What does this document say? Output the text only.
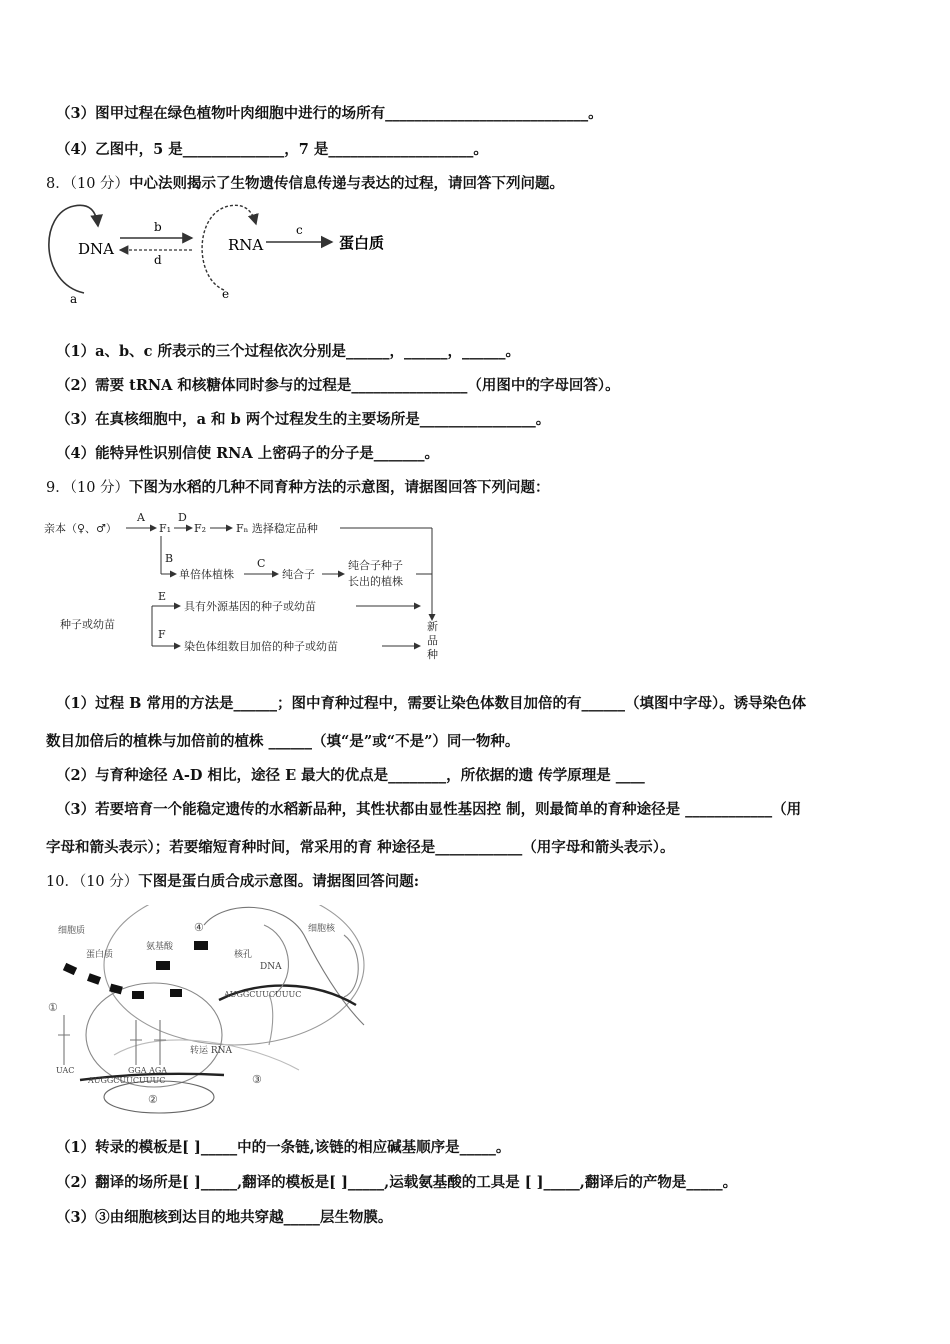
（3）图甲过程在绿色植物叶肉细胞中进行的场所有____________________________。
（4）乙图中，5 是______________，7 是____________________。
8．（10 分）中心法则揭示了生物遗传信息传递与表达的过程，请回答下列问题。
DNA
a
b
d
RNA
e
c
蛋白质
（1）a、b、c 所表示的三个过程依次分别是______，______，______。
（2）需要 tRNA 和核糖体同时参与的过程是________________（用图中的字母回答）。
（3）在真核细胞中，a 和 b 两个过程发生的主要场所是________________。
（4）能特异性识别信使 RNA 上密码子的分子是_______。
9．（10 分）下图为水稻的几种不同育种方法的示意图，请据图回答下列问题：
亲本（♀、♂）
A
F₁
D
F₂	Fₙ 选择稳定品种
B
单倍体植株
C
纯合子
纯合子种子
长出的植株
种子或幼苗
E
具有外源基因的种子或幼苗
F
染色体组数目加倍的种子或幼苗
新
品
种
（1）过程 B 常用的方法是______；图中育种过程中，需要让染色体数目加倍的有______（填图中字母）。诱导染色体
数目加倍后的植株与加倍前的植株 ______（填“是”或“不是”）同一物种。
（2）与育种途径 A-D 相比，途径 E 最大的优点是________，所依据的遗 传学原理是 ____
（3）若要培育一个能稳定遗传的水稻新品种，其性状都由显性基因控 制，则最简单的育种途径是 ____________（用
字母和箭头表示）；若要缩短育种时间，常采用的育 种途径是____________（用字母和箭头表示）。
10．（10 分）下图是蛋白质合成示意图。请据图回答问题:
细胞质
蛋白质
氨基酸
④	细胞核
核孔
DNA
AUGGCUUCUUUC
①
UAC	GGA AGA
转运 RNA
AUGGCUUCUUUC	③
②
（1）转录的模板是[ ]_____中的一条链,该链的相应碱基顺序是_____。
（2）翻译的场所是[ ]_____,翻译的模板是[ ]_____,运载氨基酸的工具是 [ ]_____,翻译后的产物是_____。
（3）③由细胞核到达目的地共穿越_____层生物膜。
